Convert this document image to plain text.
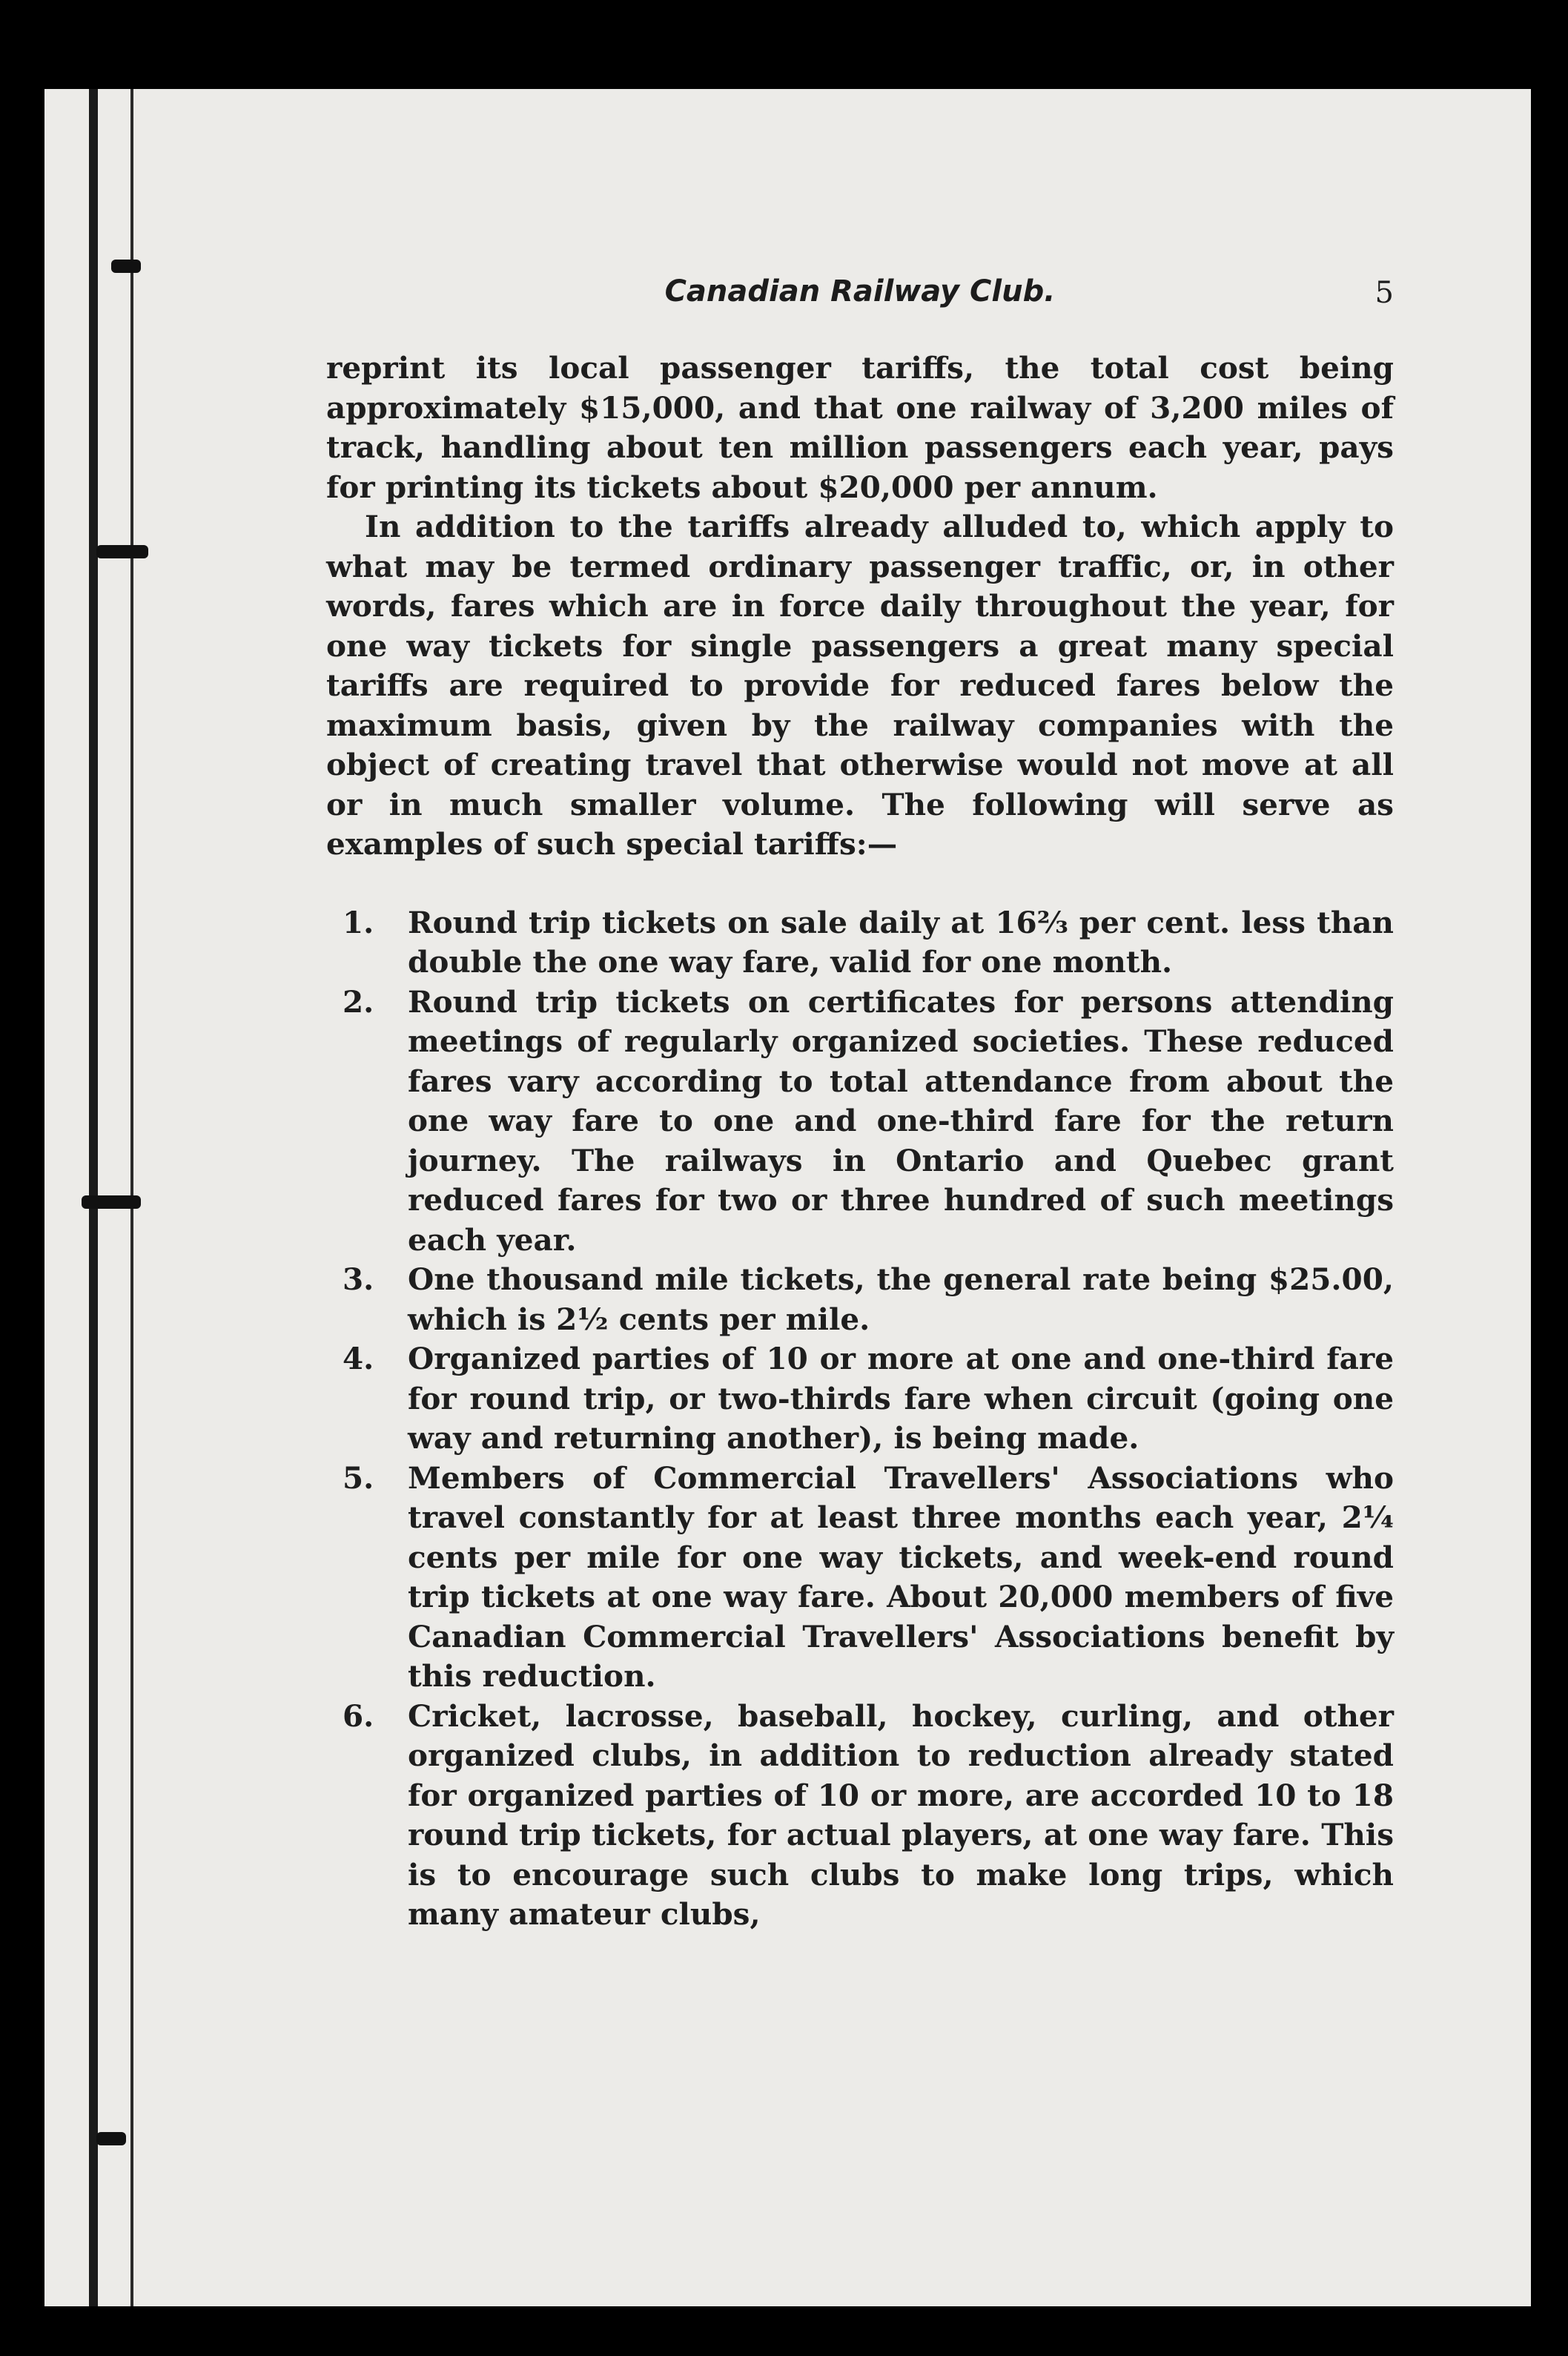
Canadian Railway Club.	5

reprint its local passenger tariffs, the total cost being approximately $15,000, and that one railway of 3,200 miles of track, handling about ten million passengers each year, pays for printing its tickets about $20,000 per annum.

In addition to the tariffs already alluded to, which apply to what may be termed ordinary passenger traffic, or, in other words, fares which are in force daily throughout the year, for one way tickets for single passengers a great many special tariffs are required to provide for reduced fares below the maximum basis, given by the railway companies with the object of creating travel that otherwise would not move at all or in much smaller volume. The following will serve as examples of such special tariffs:—

1.	Round trip tickets on sale daily at 16⅔ per cent. less than double the one way fare, valid for one month.
2.	Round trip tickets on certificates for persons attending meetings of regularly organized societies. These reduced fares vary according to total attendance from about the one way fare to one and one-third fare for the return journey. The railways in Ontario and Quebec grant reduced fares for two or three hundred of such meetings each year.
3.	One thousand mile tickets, the general rate being $25.00, which is 2½ cents per mile.
4.	Organized parties of 10 or more at one and one-third fare for round trip, or two-thirds fare when circuit (going one way and returning another), is being made.
5.	Members of Commercial Travellers' Associations who travel constantly for at least three months each year, 2¼ cents per mile for one way tickets, and week-end round trip tickets at one way fare. About 20,000 members of five Canadian Commercial Travellers' Associations benefit by this reduction.
6.	Cricket, lacrosse, baseball, hockey, curling, and other organized clubs, in addition to reduction already stated for organized parties of 10 or more, are accorded 10 to 18 round trip tickets, for actual players, at one way fare. This is to encourage such clubs to make long trips, which many amateur clubs,
